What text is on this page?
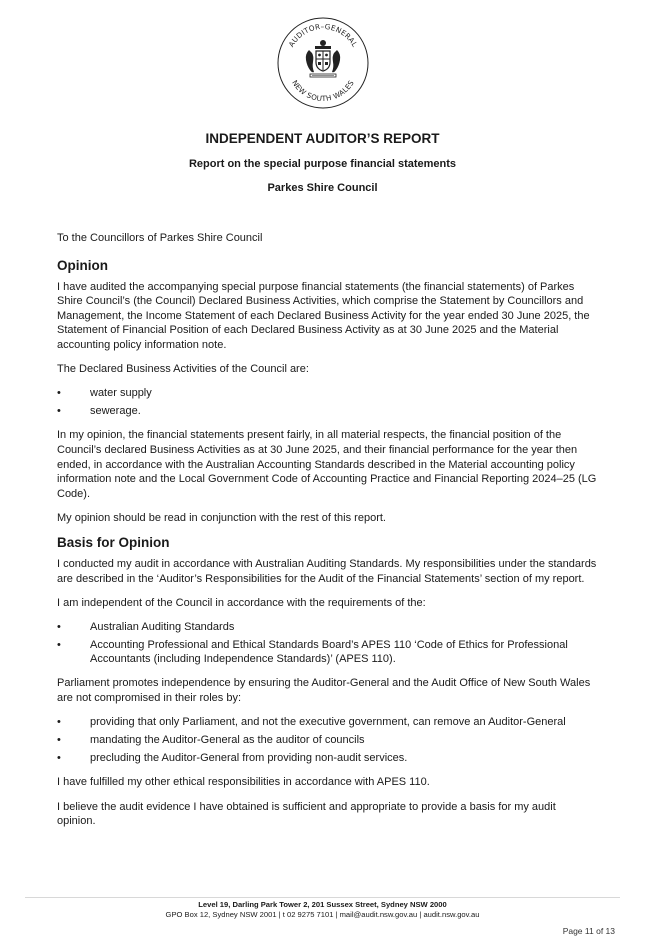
AUDITOR–GENERAL
NEW SOUTH WALES
INDEPENDENT AUDITOR’S REPORT
Report on the special purpose financial statements
Parkes Shire Council

To the Councillors of Parkes Shire Council

Opinion

I have audited the accompanying special purpose financial statements (the financial statements) of Parkes Shire Council’s (the Council) Declared Business Activities, which comprise the Statement by Councillors and Management, the Income Statement of each Declared Business Activity for the year ended 30 June 2025, the Statement of Financial Position of each Declared Business Activity as at 30 June 2025 and the Material accounting policy information note.

The Declared Business Activities of the Council are:

•	water supply
•	sewerage.

In my opinion, the financial statements present fairly, in all material respects, the financial position of the Council’s declared Business Activities as at 30 June 2025, and their financial performance for the year then ended, in accordance with the Australian Accounting Standards described in the Material accounting policy information note and the Local Government Code of Accounting Practice and Financial Reporting 2024–25 (LG Code).

My opinion should be read in conjunction with the rest of this report.

Basis for Opinion

I conducted my audit in accordance with Australian Auditing Standards. My responsibilities under the standards are described in the ‘Auditor’s Responsibilities for the Audit of the Financial Statements’ section of my report.

I am independent of the Council in accordance with the requirements of the:

•	Australian Auditing Standards
•	Accounting Professional and Ethical Standards Board’s APES 110 ‘Code of Ethics for Professional Accountants (including Independence Standards)’ (APES 110).

Parliament promotes independence by ensuring the Auditor-General and the Audit Office of New South Wales are not compromised in their roles by:

•	providing that only Parliament, and not the executive government, can remove an Auditor-General
•	mandating the Auditor-General as the auditor of councils
•	precluding the Auditor-General from providing non-audit services.

I have fulfilled my other ethical responsibilities in accordance with APES 110.

I believe the audit evidence I have obtained is sufficient and appropriate to provide a basis for my audit opinion.

Level 19, Darling Park Tower 2, 201 Sussex Street, Sydney NSW 2000
GPO Box 12, Sydney NSW 2001 | t 02 9275 7101 | mail@audit.nsw.gov.au | audit.nsw.gov.au
Page 11 of 13
